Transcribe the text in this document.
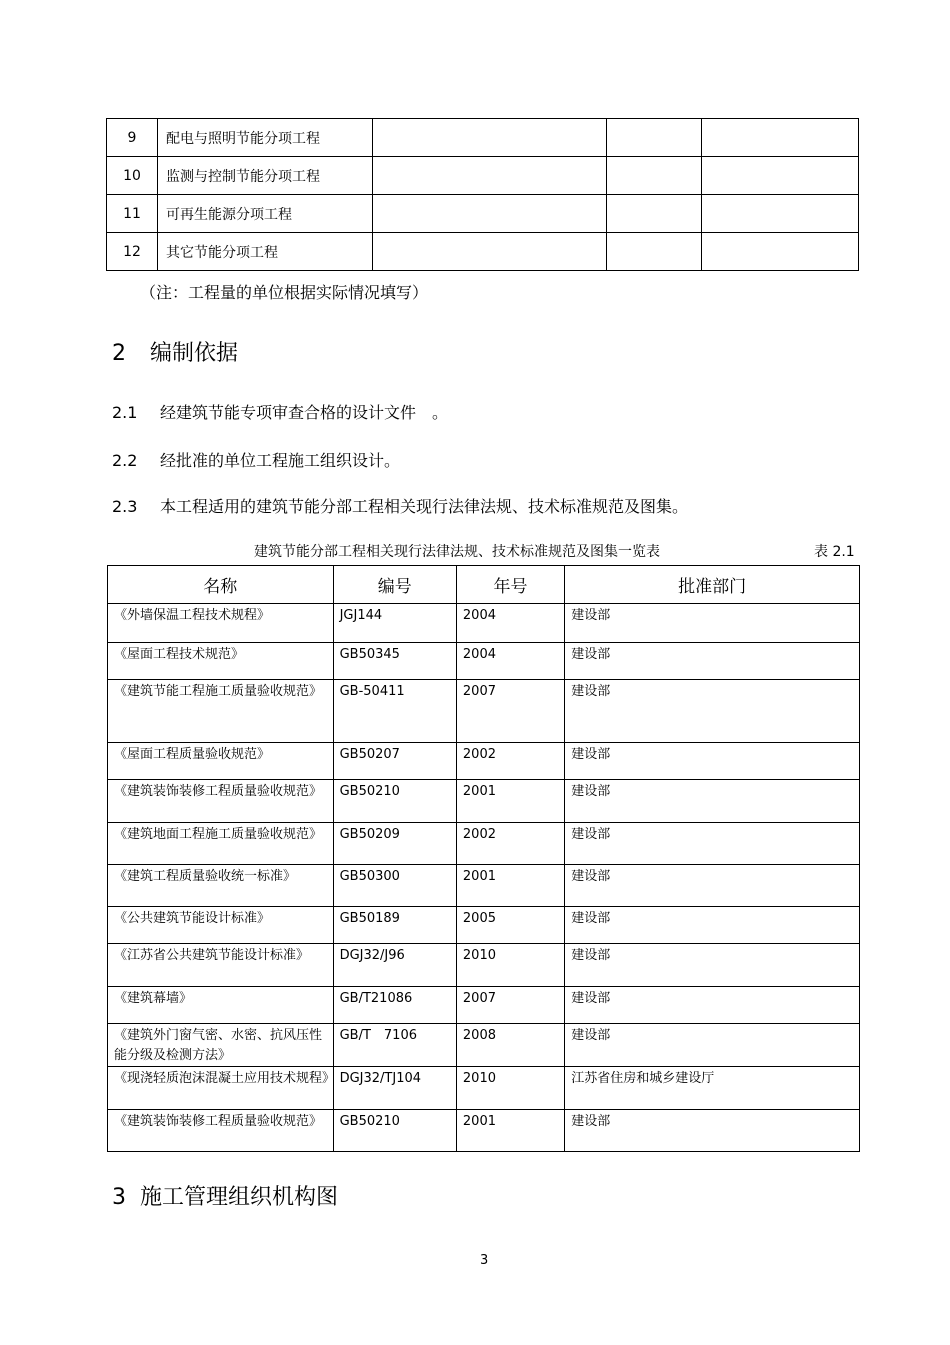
9	配电与照明节能分项工程			
10	监测与控制节能分项工程			
11	可再生能源分项工程			
12	其它节能分项工程			
（注：工程量的单位根据实际情况填写）
2 编制依据
2.1 经建筑节能专项审查合格的设计文件　。
2.2 经批准的单位工程施工组织设计。
2.3 本工程适用的建筑节能分部工程相关现行法律法规、技术标准规范及图集。
建筑节能分部工程相关现行法律法规、技术标准规范及图集一览表	表 2.1
名称	编号	年号	批准部门
《外墙保温工程技术规程》	JGJ144	2004	建设部
《屋面工程技术规范》	GB50345	2004	建设部
《建筑节能工程施工质量验收规范》	GB-50411	2007	建设部
《屋面工程质量验收规范》	GB50207	2002	建设部
《建筑装饰装修工程质量验收规范》	GB50210	2001	建设部
《建筑地面工程施工质量验收规范》	GB50209	2002	建设部
《建筑工程质量验收统一标准》	GB50300	2001	建设部
《公共建筑节能设计标准》	GB50189	2005	建设部
《江苏省公共建筑节能设计标准》	DGJ32/J96	2010	建设部
《建筑幕墙》	GB/T21086	2007	建设部
《建筑外门窗气密、水密、抗风压性能分级及检测方法》	GB/T　7106	2008	建设部
《现浇轻质泡沫混凝土应用技术规程》	DGJ32/TJ104	2010	江苏省住房和城乡建设厅
《建筑装饰装修工程质量验收规范》	GB50210	2001	建设部
3 施工管理组织机构图
3
